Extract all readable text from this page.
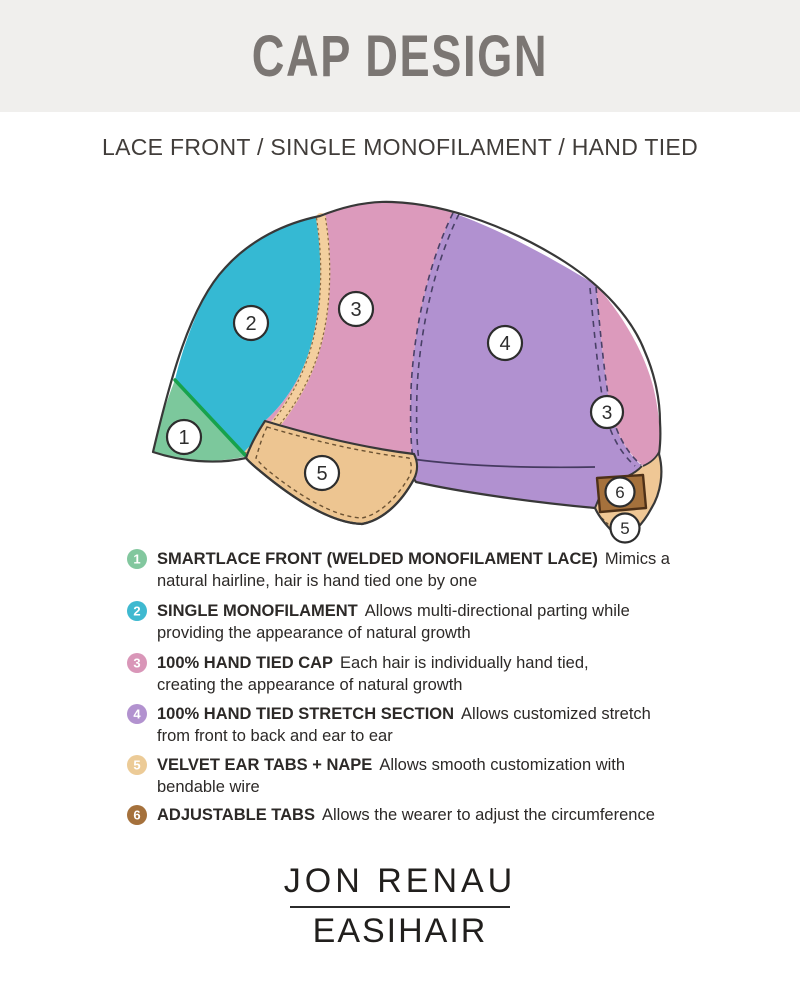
CAP DESIGN
LACE FRONT / SINGLE MONOFILAMENT / HAND TIED
1
2
3
4
3
5
6
5
1 SMARTLACE FRONT (WELDED MONOFILAMENT LACE) Mimics a
natural hairline, hair is hand tied one by one
2 SINGLE MONOFILAMENT Allows multi-directional parting while
providing the appearance of natural growth
3 100% HAND TIED CAP Each hair is individually hand tied,
creating the appearance of natural growth
4 100% HAND TIED STRETCH SECTION Allows customized stretch
from front to back and ear to ear
5 VELVET EAR TABS + NAPE Allows smooth customization with
bendable wire
6 ADJUSTABLE TABS Allows the wearer to adjust the circumference
JON RENAU
EASIHAIR
